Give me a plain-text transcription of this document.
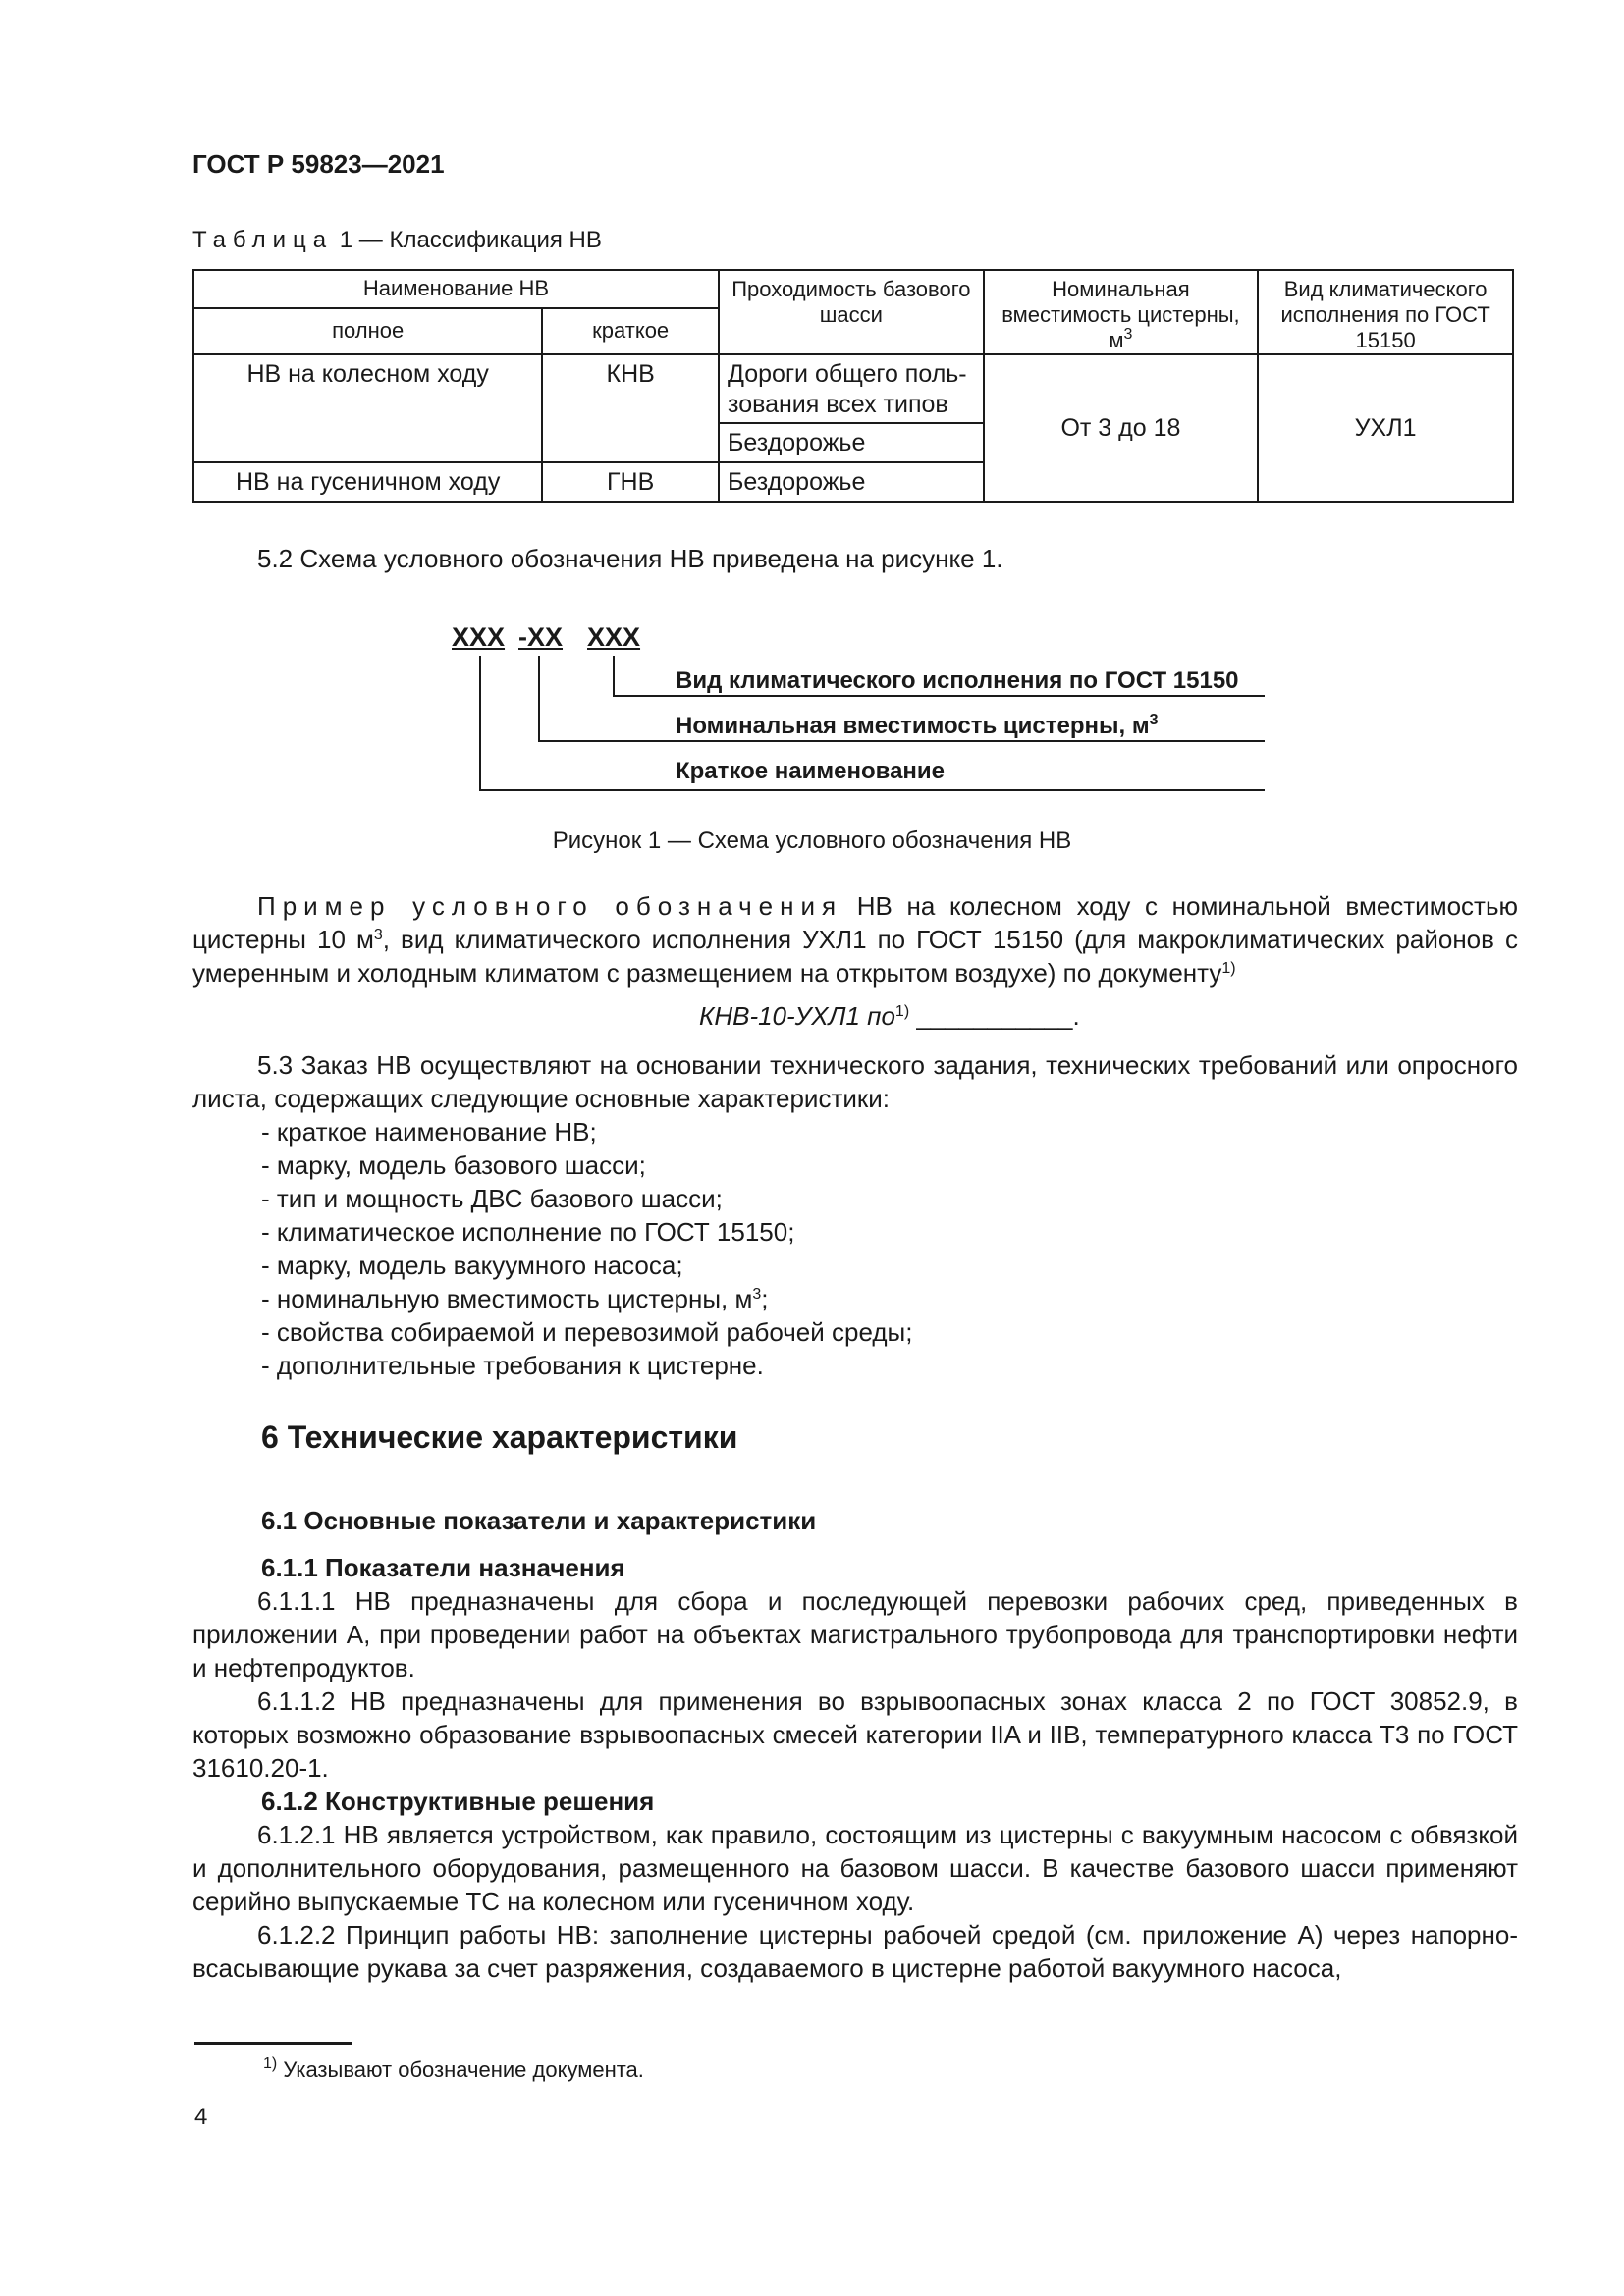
ГОСТ Р 59823—2021
Таблица 1 — Классификация НВ
Наименование НВ		Проходимость базового шасси	Номинальная вместимость цистерны, $м^3$	Вид климатического исполнения по ГОСТ 15150
полное	краткое			
НВ на колесном ходу	КНВ	Дороги общего поль-зования всех типов	От 3 до 18	УХЛ1
		Бездорожье		
НВ на гусеничном ходу	ГНВ	Бездорожье		
5.2 Схема условного обозначения НВ приведена на рисунке 1.
XXX -XX XXX
Вид климатического исполнения по ГОСТ 15150
Номинальная вместимость цистерны, $м^3$
Краткое наименование
Рисунок 1 — Схема условного обозначения НВ
Пример условного обозначения НВ на колесном ходу с номинальной вместимостью цистерны 10 $м^3$, вид климатического исполнения УХЛ1 по ГОСТ 15150 (для макроклиматических районов с умеренным и холодным климатом с размещением на открытом воздухе) по документу$^{1)}$
КНВ-10-УХЛ1 $по^{1)}$ ___________.
5.3 Заказ НВ осуществляют на основании технического задания, технических требований или опросного листа, содержащих следующие основные характеристики:
- краткое наименование НВ;
- марку, модель базового шасси;
- тип и мощность ДВС базового шасси;
- климатическое исполнение по ГОСТ 15150;
- марку, модель вакуумного насоса;
- номинальную вместимость цистерны, $м^3$;
- свойства собираемой и перевозимой рабочей среды;
- дополнительные требования к цистерне.
6 Технические характеристики
6.1 Основные показатели и характеристики
6.1.1 Показатели назначения
6.1.1.1 НВ предназначены для сбора и последующей перевозки рабочих сред, приведенных в приложении А, при проведении работ на объектах магистрального трубопровода для транспортировки нефти и нефтепродуктов.
6.1.1.2 НВ предназначены для применения во взрывоопасных зонах класса 2 по ГОСТ 30852.9, в которых возможно образование взрывоопасных смесей категории IIA и IIB, температурного класса Т3 по ГОСТ 31610.20-1.
6.1.2 Конструктивные решения
6.1.2.1 НВ является устройством, как правило, состоящим из цистерны с вакуумным насосом с обвязкой и дополнительного оборудования, размещенного на базовом шасси. В качестве базового шасси применяют серийно выпускаемые ТС на колесном или гусеничном ходу.
6.1.2.2 Принцип работы НВ: заполнение цистерны рабочей средой (см. приложение А) через напорно-всасывающие рукава за счет разряжения, создаваемого в цистерне работой вакуумного насоса,
$^{1)}$ Указывают обозначение документа.
4
